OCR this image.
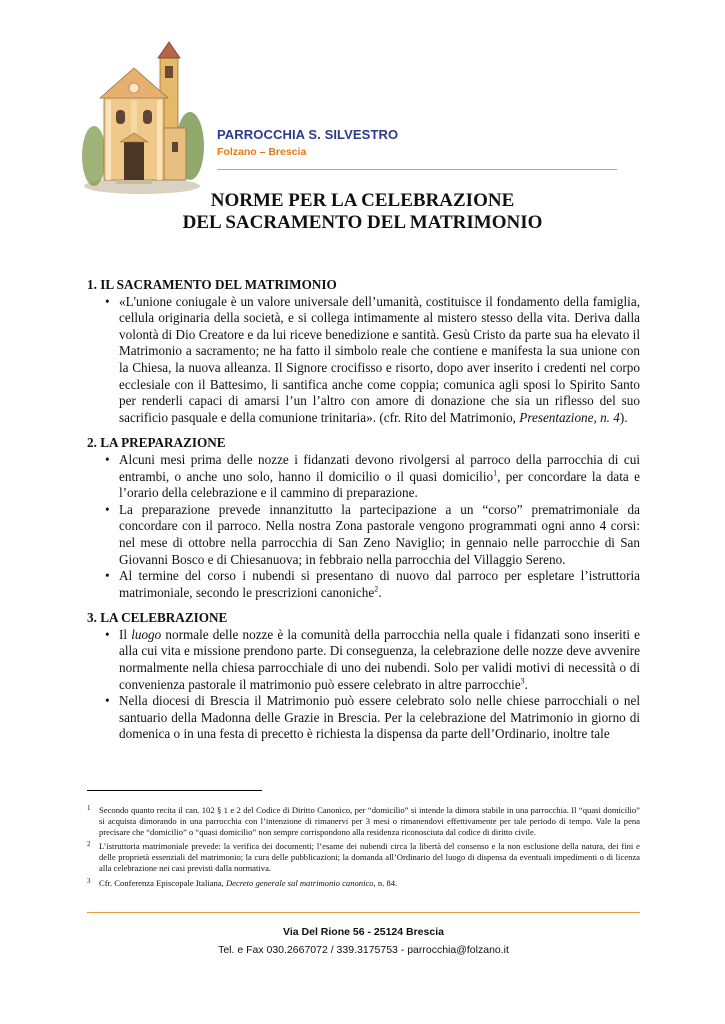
PARROCCHIA S. SILVESTRO
Folzano – Brescia
NORME PER LA CELEBRAZIONE
DEL SACRAMENTO DEL MATRIMONIO

1. IL SACRAMENTO DEL MATRIMONIO

• «L'unione coniugale è un valore universale dell’umanità, costituisce il fondamento della famiglia, cellula originaria della società, e si collega intimamente al mistero stesso della vita. Deriva dalla volontà di Dio Creatore e da lui riceve benedizione e santità. Gesù Cristo da parte sua ha elevato il Matrimonio a sacramento; ne ha fatto il simbolo reale che contiene e manifesta la sua unione con la Chiesa, la nuova alleanza. Il Signore crocifisso e risorto, dopo aver inserito i credenti nel corpo ecclesiale con il Battesimo, li santifica anche come coppia; comunica agli sposi lo Spirito Santo per renderli capaci di amarsi l’un l’altro con amore di donazione che sia un riflesso del suo sacrificio pasquale e della comunione trinitaria». (cfr. Rito del Matrimonio, Presentazione, n. 4).

2. LA PREPARAZIONE

• Alcuni mesi prima delle nozze i fidanzati devono rivolgersi al parroco della parrocchia di cui entrambi, o anche uno solo, hanno il domicilio o il quasi domicilio$^1$, per concordare la data e l’orario della celebrazione e il cammino di preparazione.
• La preparazione prevede innanzitutto la partecipazione a un “corso” prematrimoniale da concordare con il parroco. Nella nostra Zona pastorale vengono programmati ogni anno 4 corsi: nel mese di ottobre nella parrocchia di San Zeno Naviglio; in gennaio nelle parrocchie di San Giovanni Bosco e di Chiesanuova; in febbraio nella parrocchia del Villaggio Sereno.
• Al termine del corso i nubendi si presentano di nuovo dal parroco per espletare l’istruttoria matrimoniale, secondo le prescrizioni canoniche$^2$.

3. LA CELEBRAZIONE

• Il luogo normale delle nozze è la comunità della parrocchia nella quale i fidanzati sono inseriti e alla cui vita e missione prendono parte. Di conseguenza, la celebrazione delle nozze deve avvenire normalmente nella chiesa parrocchiale di uno dei nubendi. Solo per validi motivi di necessità o di convenienza pastorale il matrimonio può essere celebrato in altre parrocchie$^3$.
• Nella diocesi di Brescia il Matrimonio può essere celebrato solo nelle chiese parrocchiali o nel santuario della Madonna delle Grazie in Brescia. Per la celebrazione del Matrimonio in giorno di domenica o in una festa di precetto è richiesta la dispensa da parte dell’Ordinario, inoltre tale
1 Secondo quanto recita il can. 102 § 1 e 2 del Codice di Diritto Canonico, per “domicilio” si intende la dimora stabile in una parrocchia. Il “quasi domicilio” si acquista dimorando in una parrocchia con l’intenzione di rimanervi per 3 mesi o rimanendovi effettivamente per tale periodo di tempo. Vale la pena precisare che “domicilio” o “quasi domicilio” non sempre corrispondono alla residenza riconosciuta dal codice di diritto civile.
2 L’istruttoria matrimoniale prevede: la verifica dei documenti; l’esame dei nubendi circa la libertà del consenso e la non esclusione della natura, dei fini e delle proprietà essenziali del matrimonio; la cura delle pubblicazioni; la domanda all’Ordinario del luogo di dispensa da eventuali impedimenti o di licenza alla celebrazione nei casi previsti dalla normativa.
3 Cfr. Conferenza Episcopale Italiana, Decreto generale sul matrimonio canonico, n. 84.
Via Del Rione 56 - 25124 Brescia
Tel. e Fax 030.2667072 / 339.3175753 - parrocchia@folzano.it
